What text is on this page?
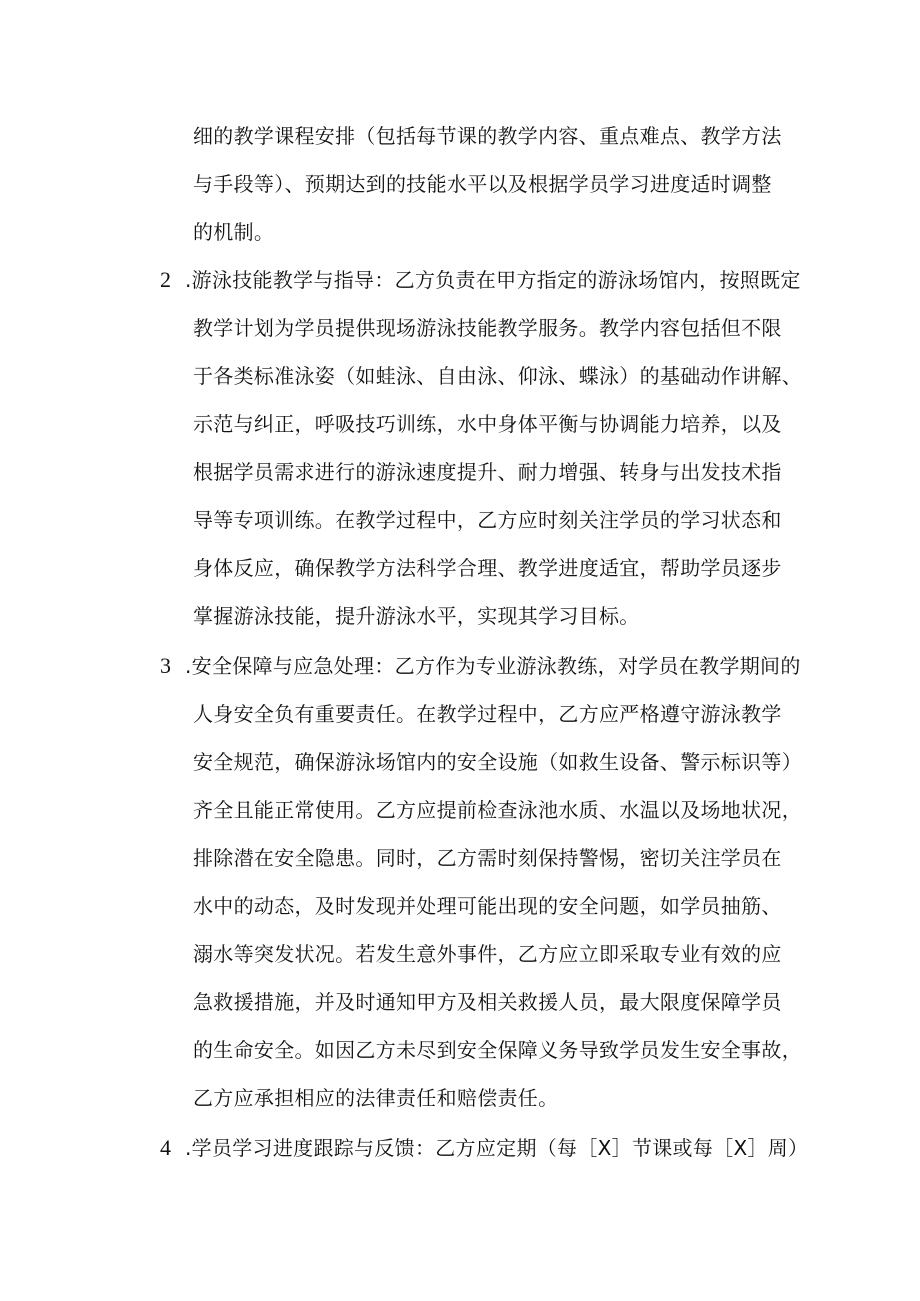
细的教学课程安排（包括每节课的教学内容、重点难点、教学方法
与手段等）、预期达到的技能水平以及根据学员学习进度适时调整
的机制。
2 .游泳技能教学与指导：乙方负责在甲方指定的游泳场馆内，按照既定
教学计划为学员提供现场游泳技能教学服务。教学内容包括但不限
于各类标准泳姿（如蛙泳、自由泳、仰泳、蝶泳）的基础动作讲解、
示范与纠正，呼吸技巧训练，水中身体平衡与协调能力培养，以及
根据学员需求进行的游泳速度提升、耐力增强、转身与出发技术指
导等专项训练。在教学过程中，乙方应时刻关注学员的学习状态和
身体反应，确保教学方法科学合理、教学进度适宜，帮助学员逐步
掌握游泳技能，提升游泳水平，实现其学习目标。
3 .安全保障与应急处理：乙方作为专业游泳教练，对学员在教学期间的
人身安全负有重要责任。在教学过程中，乙方应严格遵守游泳教学
安全规范，确保游泳场馆内的安全设施（如救生设备、警示标识等）
齐全且能正常使用。乙方应提前检查泳池水质、水温以及场地状况，
排除潜在安全隐患。同时，乙方需时刻保持警惕，密切关注学员在
水中的动态，及时发现并处理可能出现的安全问题，如学员抽筋、
溺水等突发状况。若发生意外事件，乙方应立即采取专业有效的应
急救援措施，并及时通知甲方及相关救援人员，最大限度保障学员
的生命安全。如因乙方未尽到安全保障义务导致学员发生安全事故，
乙方应承担相应的法律责任和赔偿责任。
4 .学员学习进度跟踪与反馈：乙方应定期（每［X］节课或每［X］周）
